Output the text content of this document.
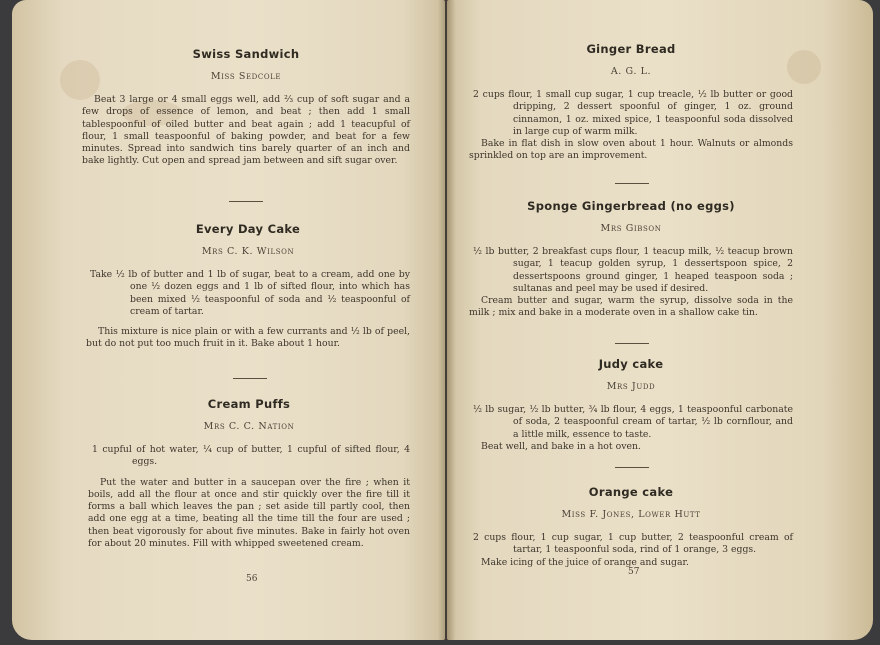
Swiss Sandwich
Miss Sedcole

Beat 3 large or 4 small eggs well, add ⅔ cup of soft sugar and a few drops of essence of lemon, and beat ; then add 1 small tablespoonful of oiled butter and beat again ; add 1 teacupful of flour, 1 small teaspoonful of baking powder, and beat for a few minutes. Spread into sandwich tins barely quarter of an inch and bake lightly. Cut open and spread jam between and sift sugar over.

Every Day Cake
Mrs C. K. Wilson

Take ½ lb of butter and 1 lb of sugar, beat to a cream, add one by one ½ dozen eggs and 1 lb of sifted flour, into which has been mixed ½ teaspoonful of soda and ½ teaspoonful of cream of tartar.

This mixture is nice plain or with a few currants and ½ lb of peel, but do not put too much fruit in it. Bake about 1 hour.

Cream Puffs
Mrs C. C. Nation

1 cupful of hot water, ¼ cup of butter, 1 cupful of sifted flour, 4 eggs.

Put the water and butter in a saucepan over the fire ; when it boils, add all the flour at once and stir quickly over the fire till it forms a ball which leaves the pan ; set aside till partly cool, then add one egg at a time, beating all the time till the four are used ; then beat vigorously for about five minutes. Bake in fairly hot oven for about 20 minutes. Fill with whipped sweetened cream.

56
Ginger Bread
A. G. L.

2 cups flour, 1 small cup sugar, 1 cup treacle, ½ lb butter or good dripping, 2 dessert spoonful of ginger, 1 oz. ground cinnamon, 1 oz. mixed spice, 1 teaspoonful soda dissolved in large cup of warm milk.

Bake in flat dish in slow oven about 1 hour. Walnuts or almonds sprinkled on top are an improvement.

Sponge Gingerbread (no eggs)
Mrs Gibson

½ lb butter, 2 breakfast cups flour, 1 teacup milk, ½ teacup brown sugar, 1 teacup golden syrup, 1 dessertspoon spice, 2 dessertspoons ground ginger, 1 heaped teaspoon soda ; sultanas and peel may be used if desired.

Cream butter and sugar, warm the syrup, dissolve soda in the milk ; mix and bake in a moderate oven in a shallow cake tin.

Judy cake
Mrs Judd

½ lb sugar, ½ lb butter, ¾ lb flour, 4 eggs, 1 teaspoonful carbonate of soda, 2 teaspoonful cream of tartar, ½ lb cornflour, and a little milk, essence to taste.

Beat well, and bake in a hot oven.

Orange cake
Miss F. Jones, Lower Hutt

2 cups flour, 1 cup sugar, 1 cup butter, 2 teaspoonful cream of tartar, 1 teaspoonful soda, rind of 1 orange, 3 eggs.

Make icing of the juice of orange and sugar.

57
